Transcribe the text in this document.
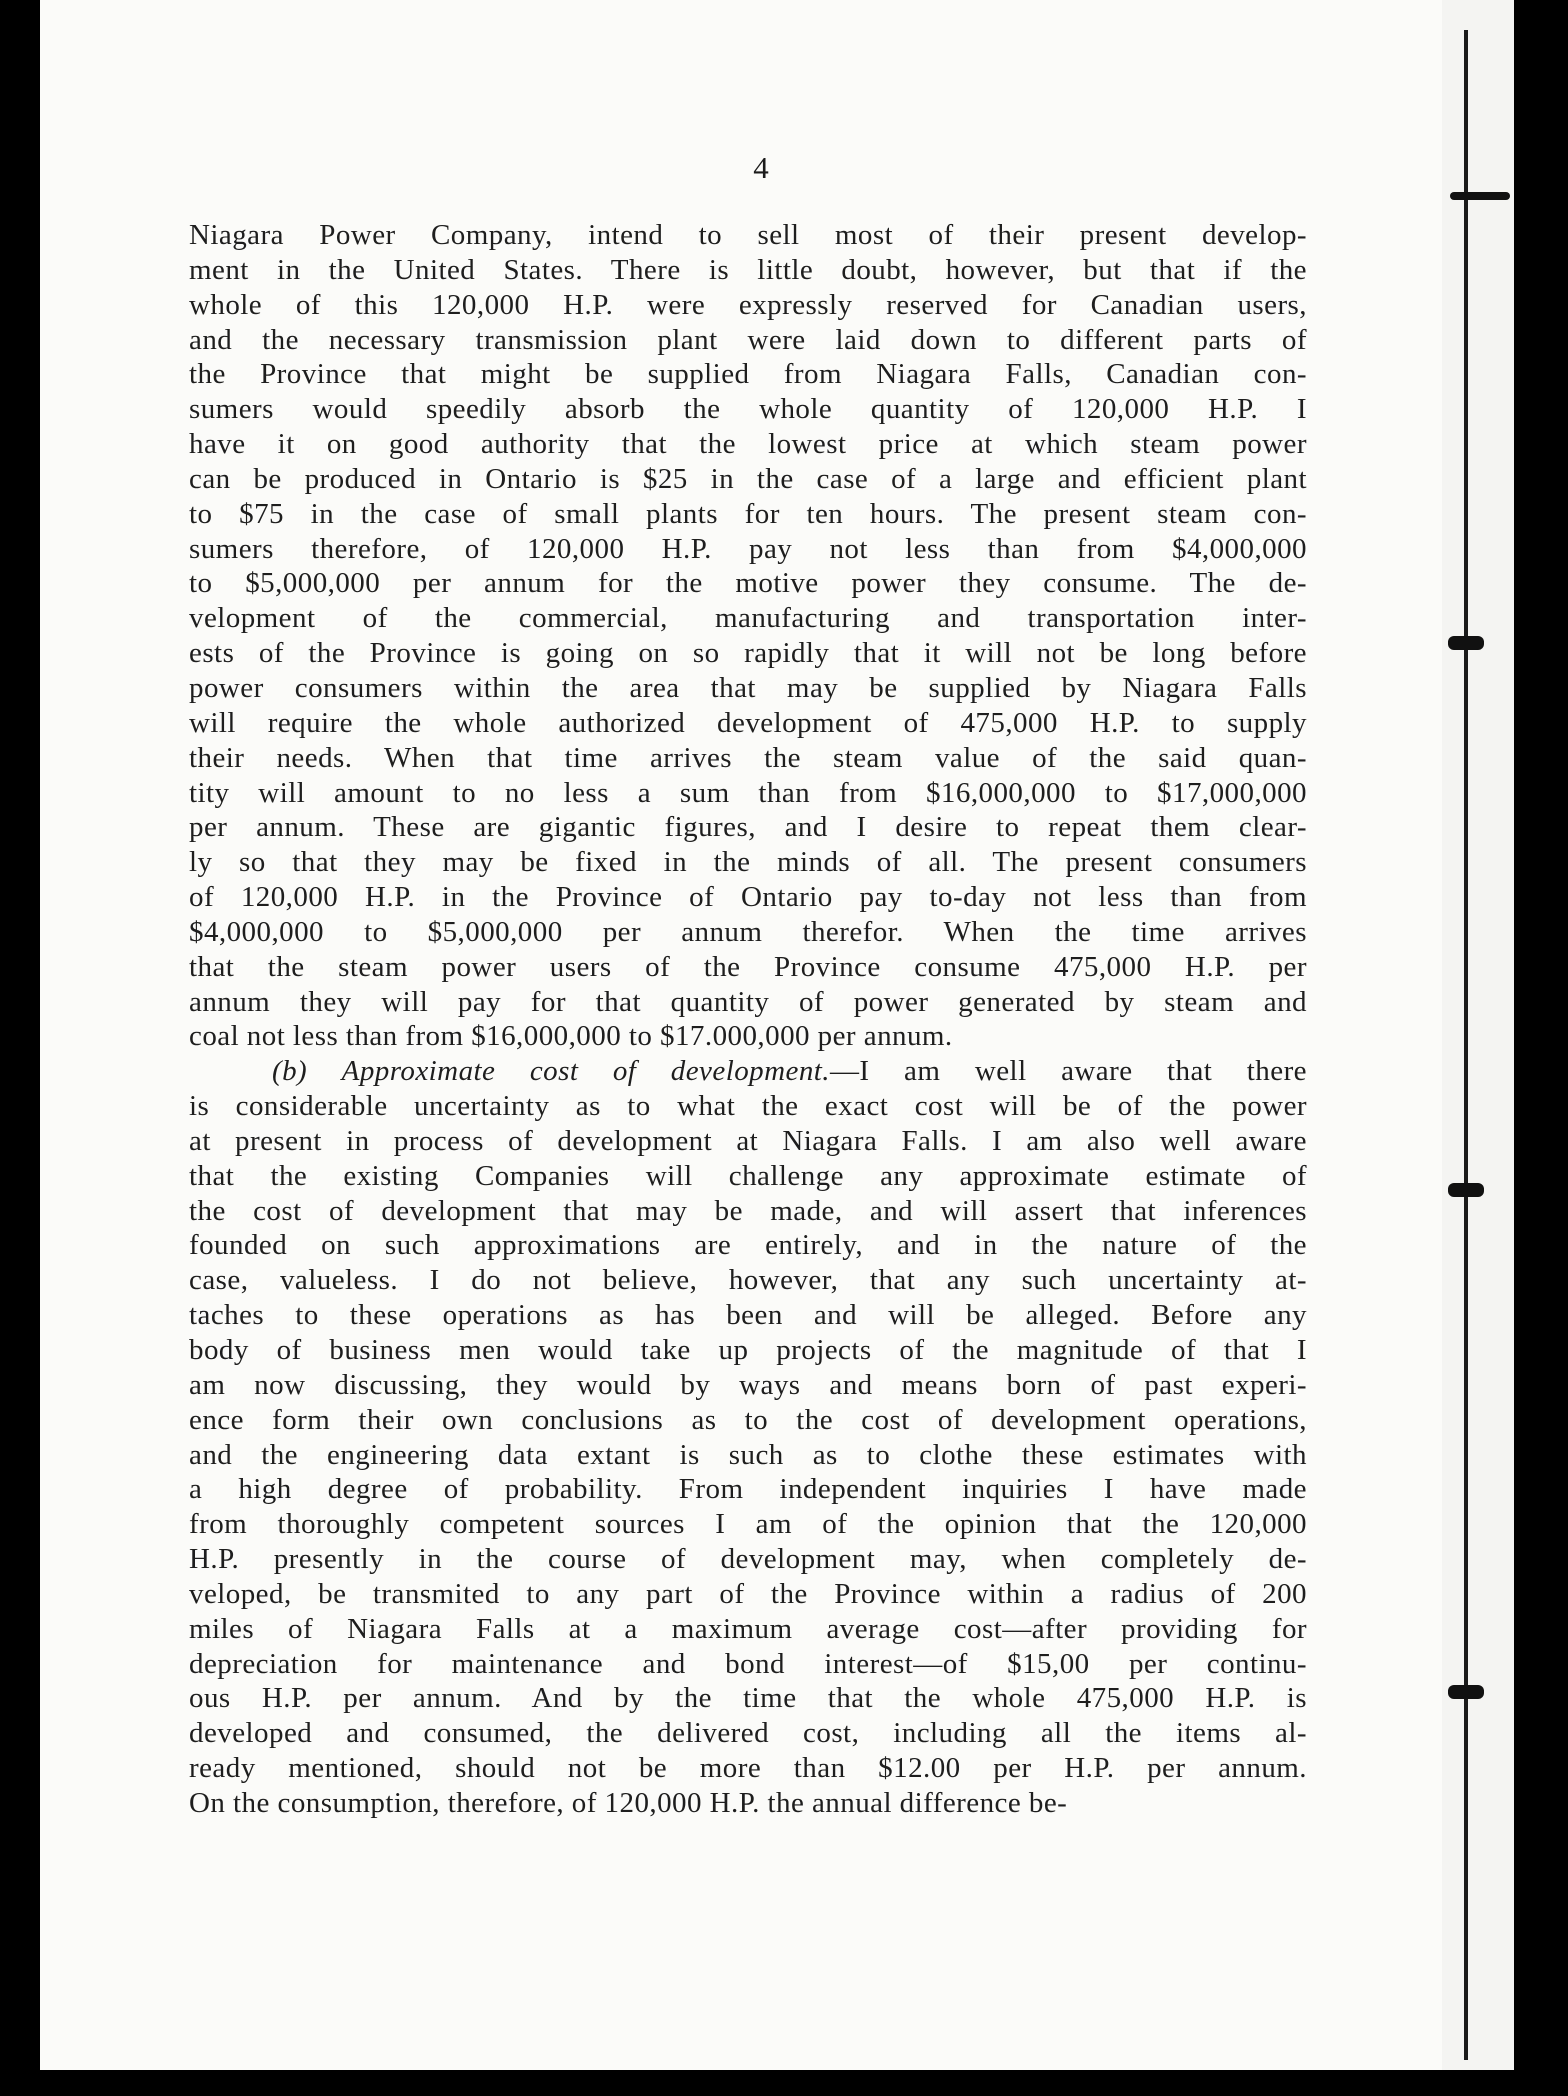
4
Niagara Power Company, intend to sell most of their present develop-
ment in the United States. There is little doubt, however, but that if the
whole of this 120,000 H.P. were expressly reserved for Canadian users,
and the necessary transmission plant were laid down to different parts of
the Province that might be supplied from Niagara Falls, Canadian con-
sumers would speedily absorb the whole quantity of 120,000 H.P. I
have it on good authority that the lowest price at which steam power
can be produced in Ontario is $25 in the case of a large and efficient plant
to $75 in the case of small plants for ten hours. The present steam con-
sumers therefore, of 120,000 H.P. pay not less than from $4,000,000
to $5,000,000 per annum for the motive power they consume. The de-
velopment of the commercial, manufacturing and transportation inter-
ests of the Province is going on so rapidly that it will not be long before
power consumers within the area that may be supplied by Niagara Falls
will require the whole authorized development of 475,000 H.P. to supply
their needs. When that time arrives the steam value of the said quan-
tity will amount to no less a sum than from $16,000,000 to $17,000,000
per annum. These are gigantic figures, and I desire to repeat them clear-
ly so that they may be fixed in the minds of all. The present consumers
of 120,000 H.P. in the Province of Ontario pay to-day not less than from
$4,000,000 to $5,000,000 per annum therefor. When the time arrives
that the steam power users of the Province consume 475,000 H.P. per
annum they will pay for that quantity of power generated by steam and
coal not less than from $16,000,000 to $17.000,000 per annum.
(b) Approximate cost of development.—I am well aware that there
is considerable uncertainty as to what the exact cost will be of the power
at present in process of development at Niagara Falls. I am also well aware
that the existing Companies will challenge any approximate estimate of
the cost of development that may be made, and will assert that inferences
founded on such approximations are entirely, and in the nature of the
case, valueless. I do not believe, however, that any such uncertainty at-
taches to these operations as has been and will be alleged. Before any
body of business men would take up projects of the magnitude of that I
am now discussing, they would by ways and means born of past experi-
ence form their own conclusions as to the cost of development operations,
and the engineering data extant is such as to clothe these estimates with
a high degree of probability. From independent inquiries I have made
from thoroughly competent sources I am of the opinion that the 120,000
H.P. presently in the course of development may, when completely de-
veloped, be transmited to any part of the Province within a radius of 200
miles of Niagara Falls at a maximum average cost—after providing for
depreciation for maintenance and bond interest—of $15,00 per continu-
ous H.P. per annum. And by the time that the whole 475,000 H.P. is
developed and consumed, the delivered cost, including all the items al-
ready mentioned, should not be more than $12.00 per H.P. per annum.
On the consumption, therefore, of 120,000 H.P. the annual difference be-
